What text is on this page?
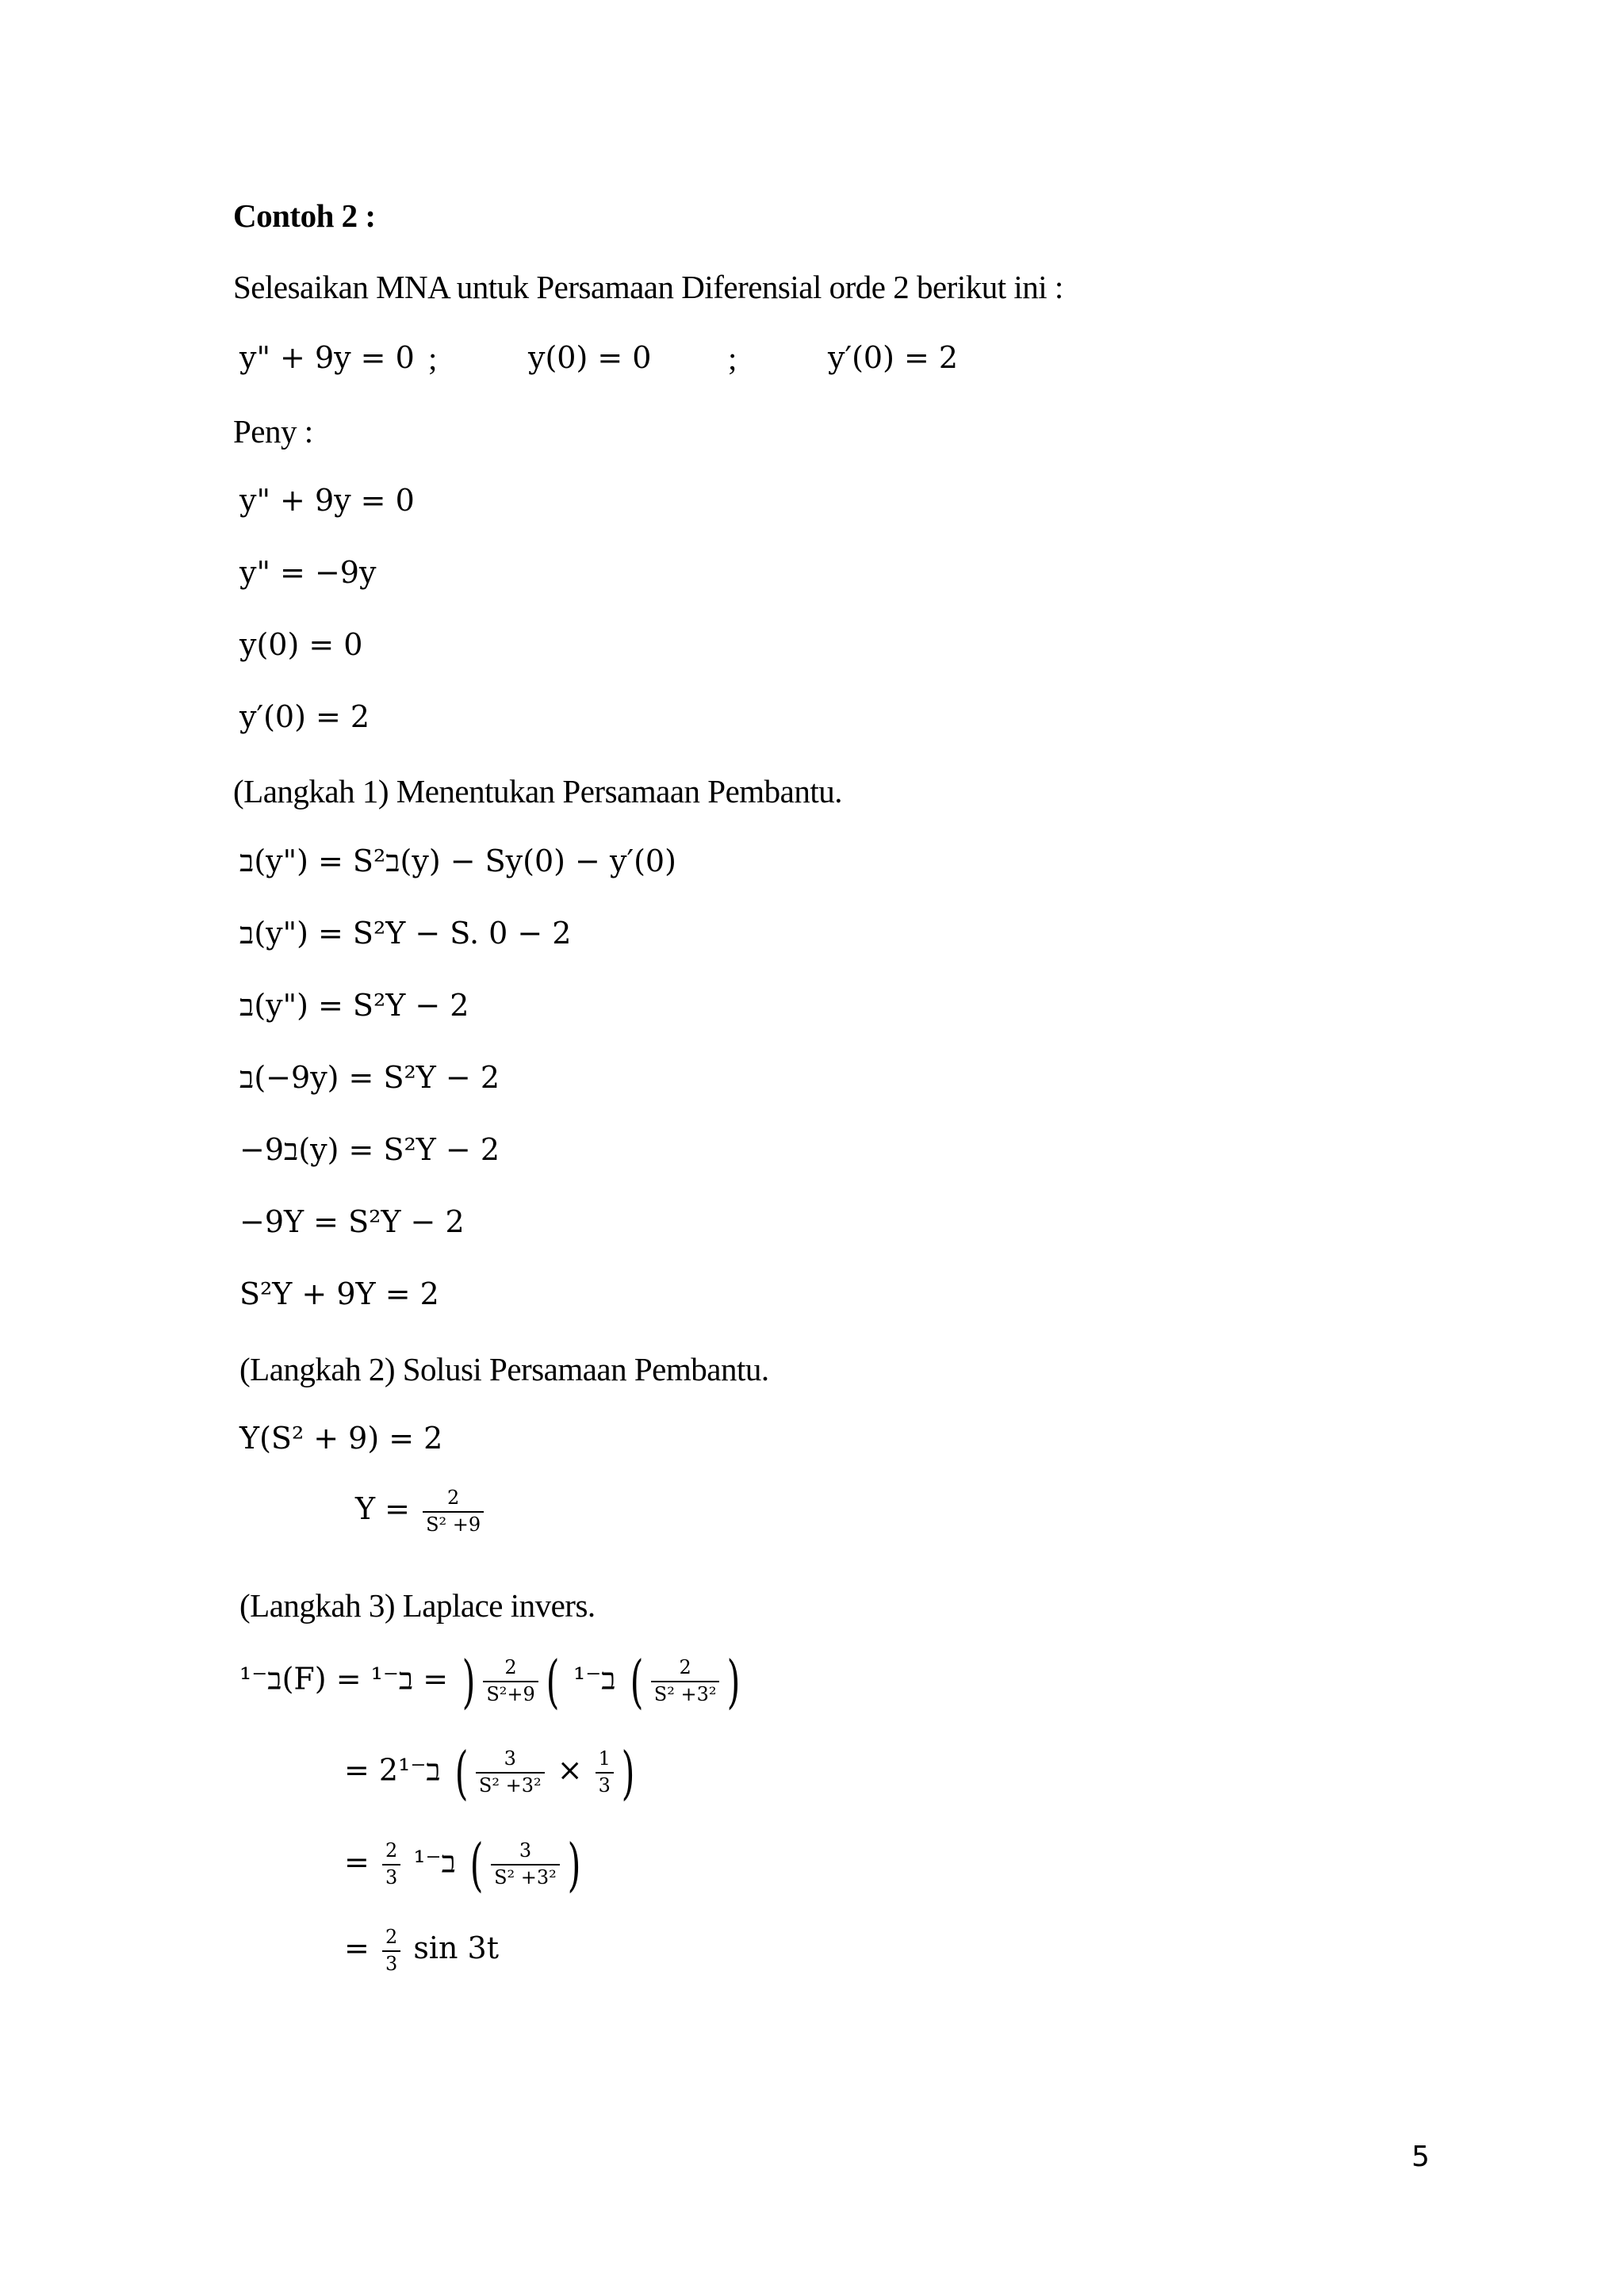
Contoh 2 :
Selesaikan MNA untuk Persamaan Diferensial orde 2 berikut ini :
y" + 9y = 0 ;	y(0) = 0 ;	y′(0) = 2
Peny :
y" + 9y = 0
y" = −9y
y(0) = 0
y′(0) = 2
(Langkah 1) Menentukan Persamaan Pembantu.
ב(y") = S²ב(y) − Sy(0) − y′(0)
ב(y") = S²Y − S. 0 − 2
ב(y") = S²Y − 2
ב(−9y) = S²Y − 2
−9ב(y) = S²Y − 2
−9Y = S²Y − 2
S²Y + 9Y = 2
(Langkah 2) Solusi Persamaan Pembantu.
Y(S² + 9) = 2
$Y = \frac{2}{\text{S² +9}}$
(Langkah 3) Laplace invers.
ב⁻¹(F) = ב⁻¹ (
$\frac{2}{\text{S²+9}}$
) = ב⁻¹	( $\frac{2}{\text{S² +3²}}$ )
= 2ב⁻¹ ( $\frac{3}{\text{S² +3²}} \times \frac{1}{3}$ )
= $\frac{2}{3}$ ב⁻¹ ( $\frac{3}{\text{S² +3²}}$ )
= $\frac{2}{3}$ sin 3t
5
